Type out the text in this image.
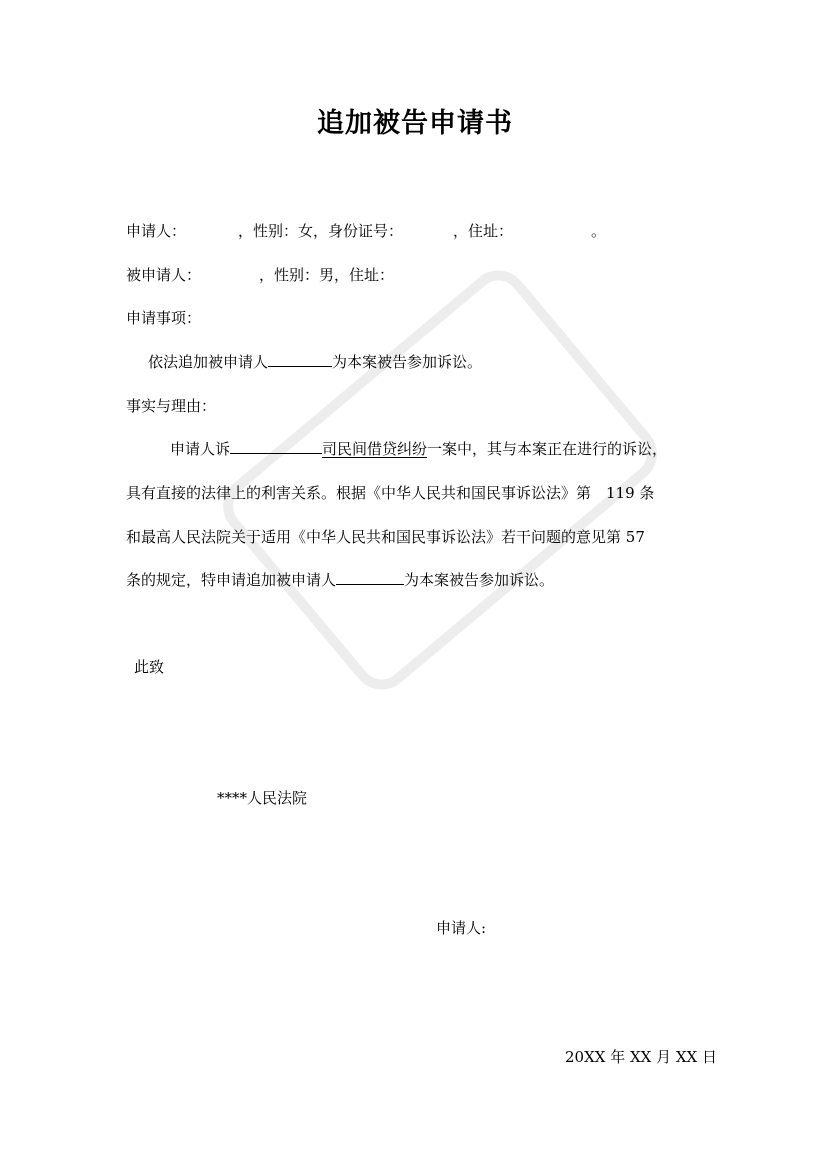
追加被告申请书
申请人：	，性别：女，身份证号：	，住址：	。
被申请人：	，性别：男，住址：
申请事项：
依法追加被申请人	为本案被告参加诉讼。
事实与理由：
申请人诉	司民间借贷纠纷一案中，其与本案正在进行的诉讼，
具有直接的法律上的利害关系。根据《中华人民共和国民事诉讼法》第　119 条
和最高人民法院关于适用《中华人民共和国民事诉讼法》若干问题的意见第 57
条的规定，特申请追加被申请人	为本案被告参加诉讼。
此致
****人民法院
申请人:
20XX 年 XX 月 XX 日
